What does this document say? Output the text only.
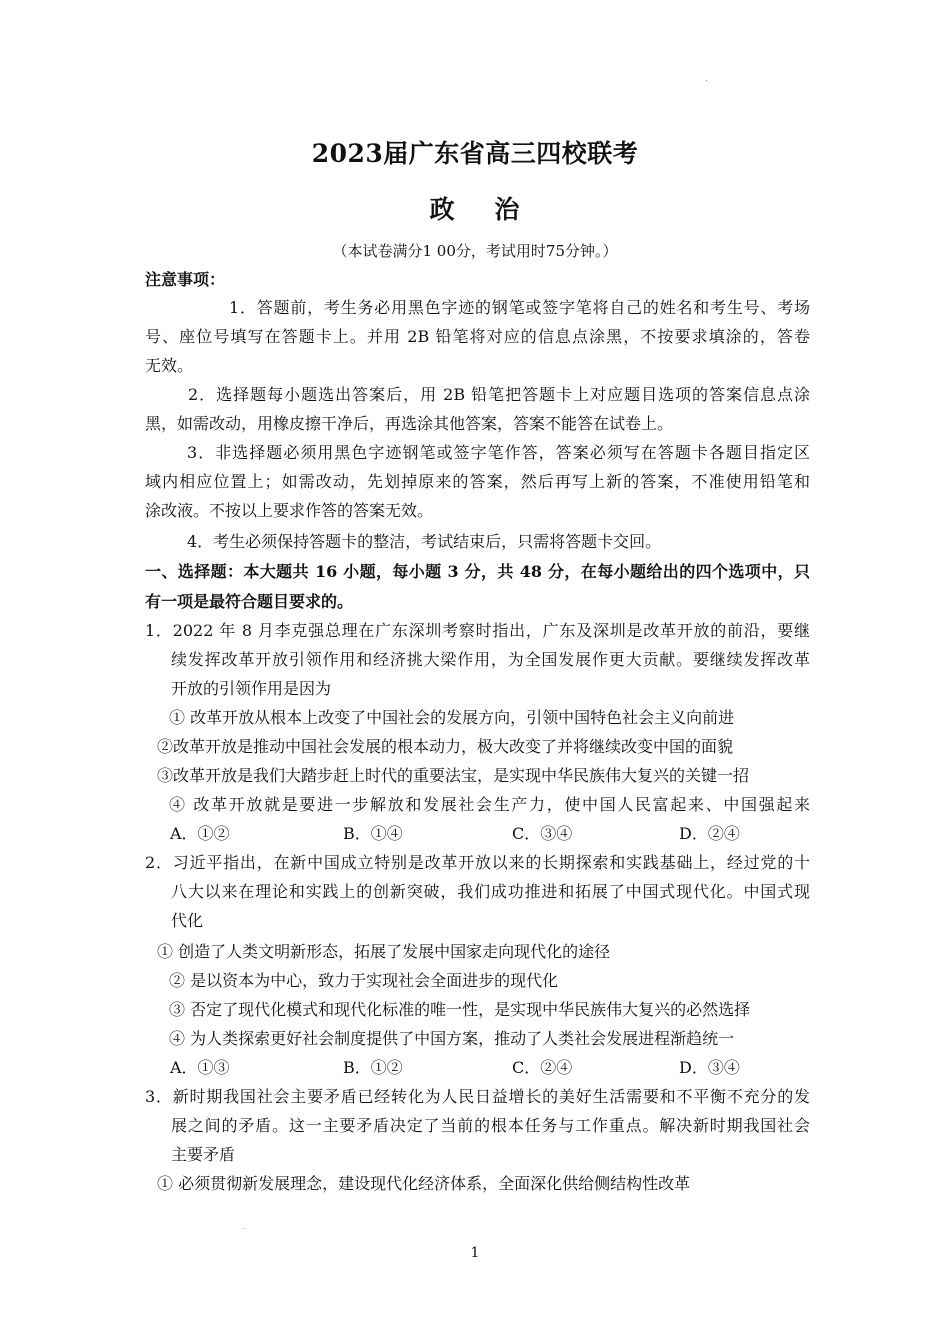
2023届广东省高三四校联考
政    治
（本试卷满分1 00分，考试用时75分钟。）
注意事项：
1．答题前，考生务必用黑色字迹的钢笔或签字笔将自己的姓名和考生号、考场
号、座位号填写在答题卡上。并用 2B 铅笔将对应的信息点涂黑，不按要求填涂的，答卷
无效。
2．选择题每小题选出答案后，用 2B 铅笔把答题卡上对应题目选项的答案信息点涂
黑，如需改动，用橡皮擦干净后，再选涂其他答案，答案不能答在试卷上。
3．非选择题必须用黑色字迹钢笔或签字笔作答，答案必须写在答题卡各题目指定区
域内相应位置上；如需改动，先划掉原来的答案，然后再写上新的答案，不准使用铅笔和
涂改液。不按以上要求作答的答案无效。
4．考生必须保持答题卡的整洁，考试结束后，只需将答题卡交回。
一、选择题：本大题共 16 小题，每小题 3 分，共 48 分，在每小题给出的四个选项中，只
有一项是最符合题目要求的。
1．2022 年 8 月李克强总理在广东深圳考察时指出，广东及深圳是改革开放的前沿，要继
续发挥改革开放引领作用和经济挑大梁作用，为全国发展作更大贡献。要继续发挥改革
开放的引领作用是因为
① 改革开放从根本上改变了中国社会的发展方向，引领中国特色社会主义向前进
②改革开放是推动中国社会发展的根本动力，极大改变了并将继续改变中国的面貌
③改革开放是我们大踏步赶上时代的重要法宝，是实现中华民族伟大复兴的关键一招
④ 改革开放就是要进一步解放和发展社会生产力，使中国人民富起来、中国强起来
A．①②	B．①④	C．③④	D．②④
2．习近平指出，在新中国成立特别是改革开放以来的长期探索和实践基础上，经过党的十
八大以来在理论和实践上的创新突破，我们成功推进和拓展了中国式现代化。中国式现
代化
① 创造了人类文明新形态，拓展了发展中国家走向现代化的途径
② 是以资本为中心，致力于实现社会全面进步的现代化
③ 否定了现代化模式和现代化标准的唯一性，是实现中华民族伟大复兴的必然选择
④ 为人类探索更好社会制度提供了中国方案，推动了人类社会发展进程渐趋统一
A．①③	B．①②	C．②④	D．③④
3．新时期我国社会主要矛盾已经转化为人民日益增长的美好生活需要和不平衡不充分的发
展之间的矛盾。这一主要矛盾决定了当前的根本任务与工作重点。解决新时期我国社会
主要矛盾
① 必须贯彻新发展理念，建设现代化经济体系，全面深化供给侧结构性改革
1
